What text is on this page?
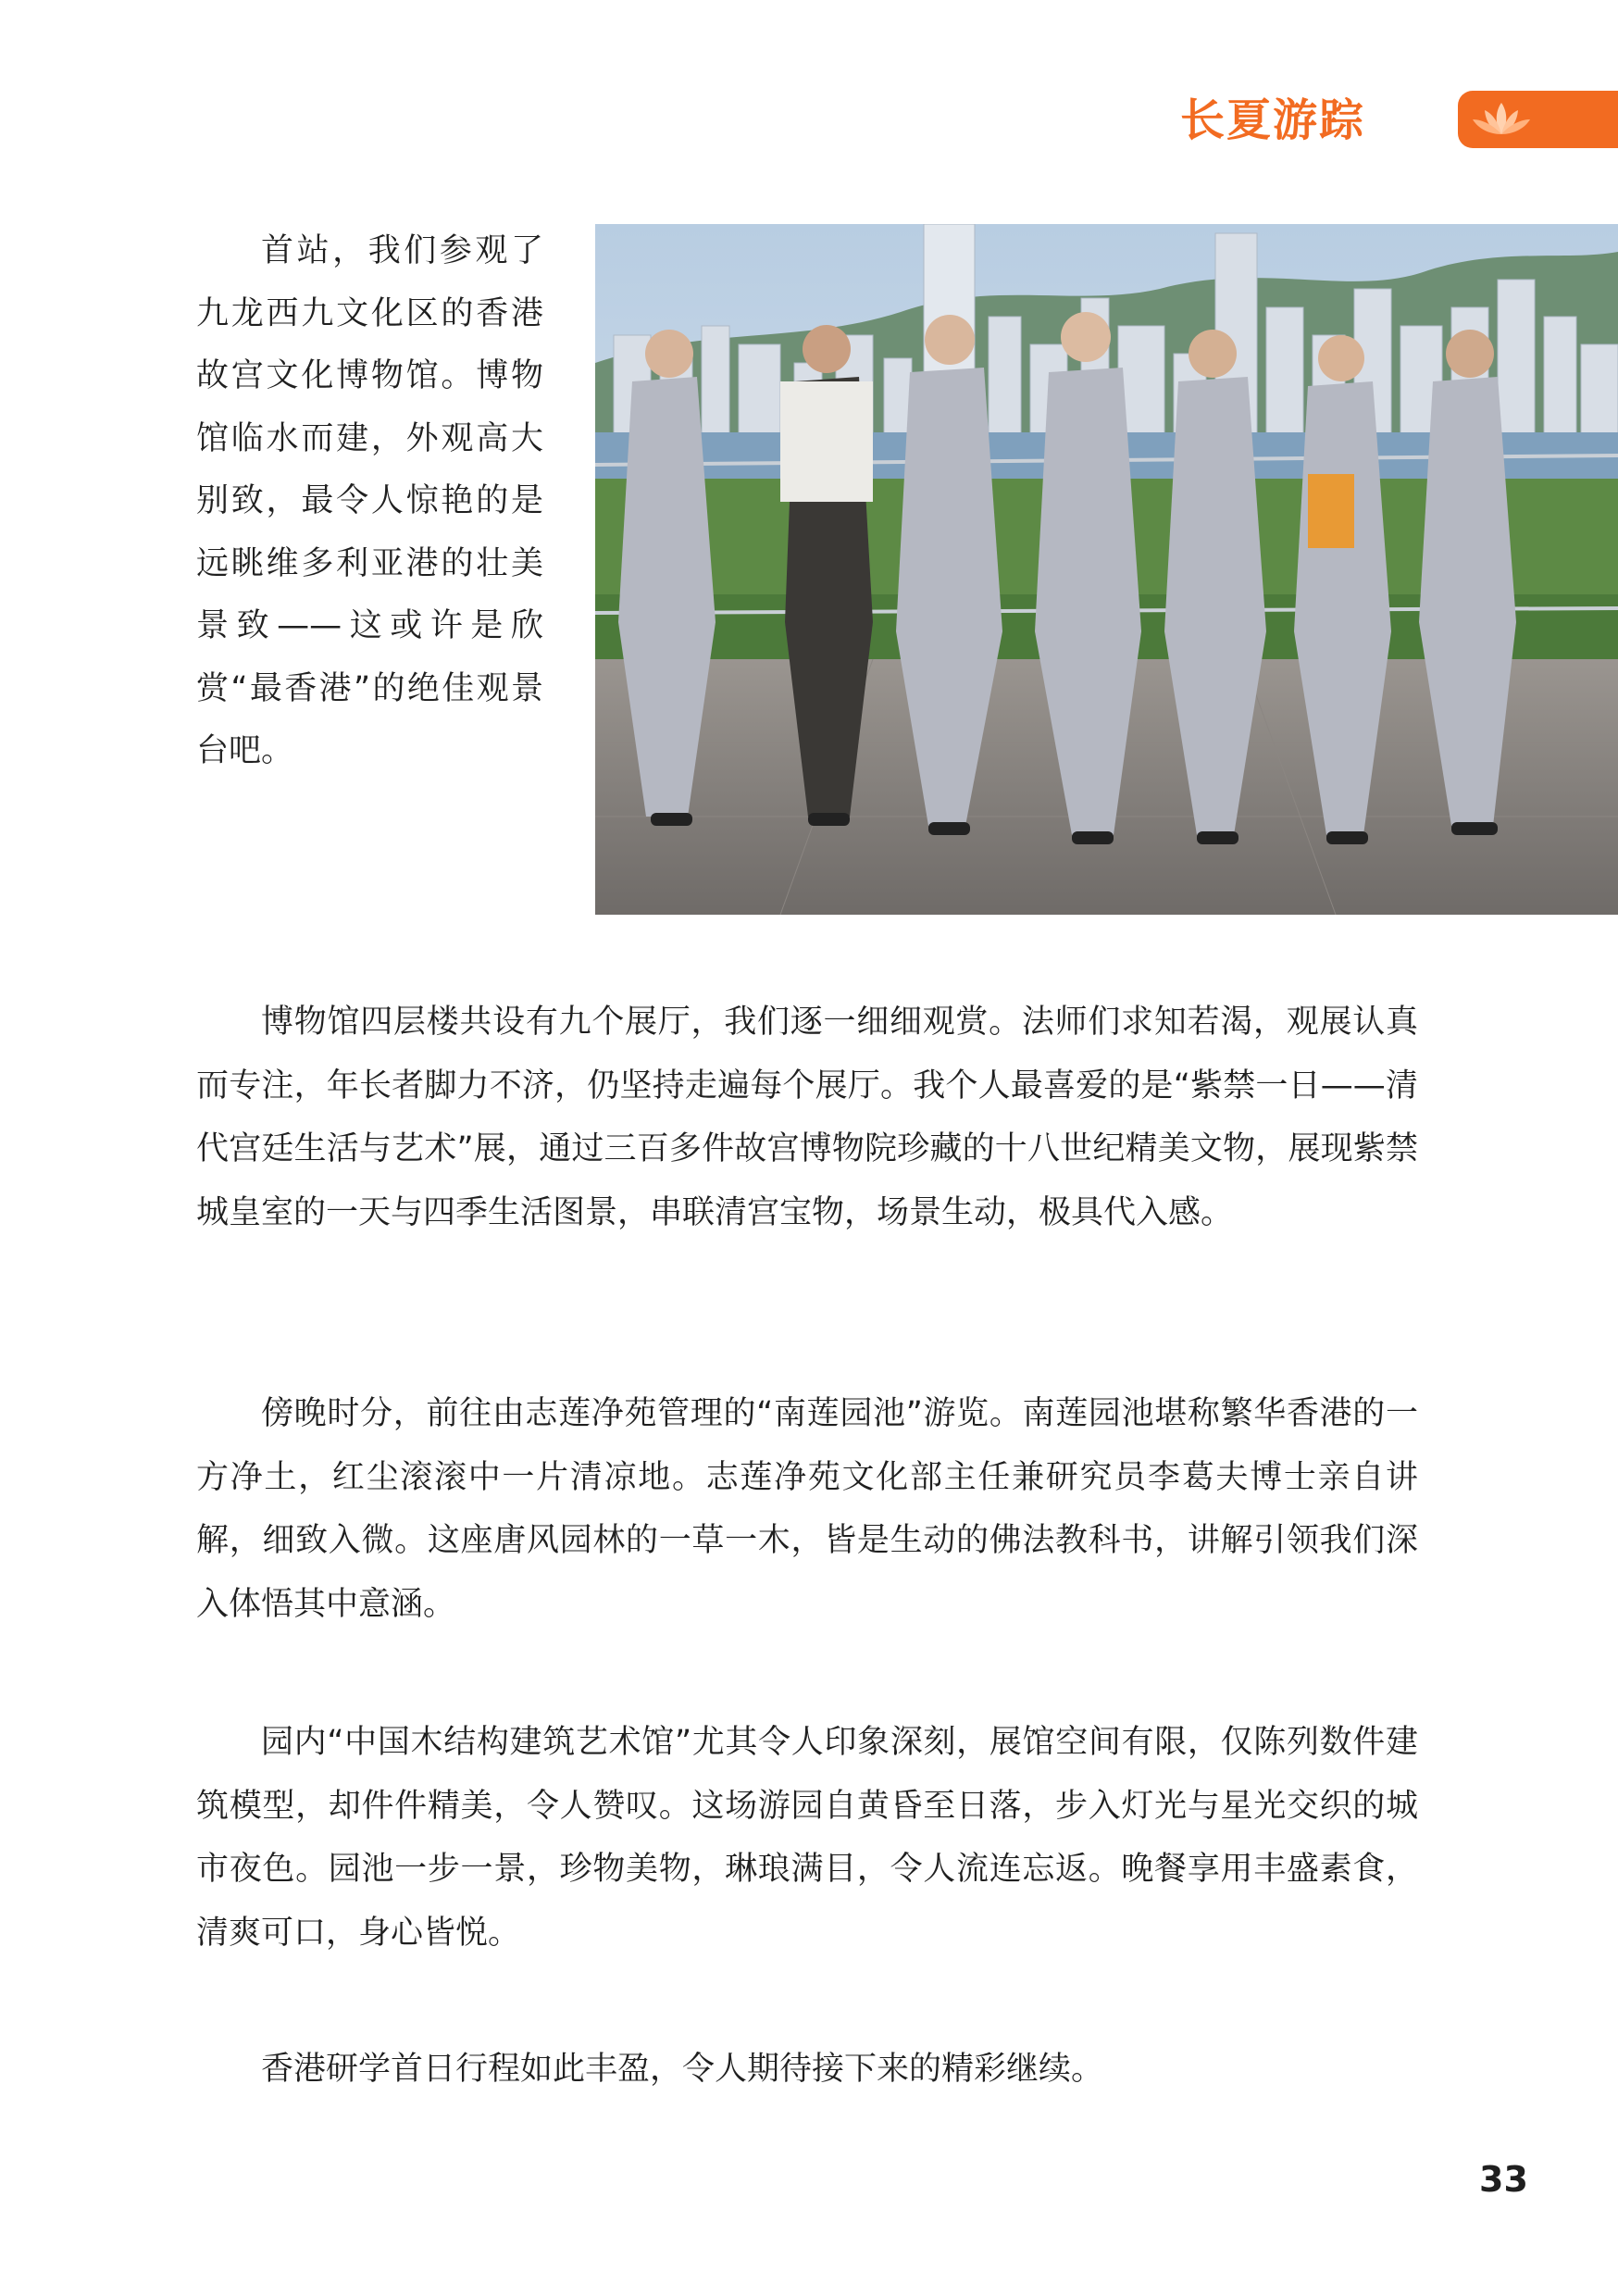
长夏游踪

首站，我们参观了九龙西九文化区的香港故宫文化博物馆。博物馆临水而建，外观高大别致，最令人惊艳的是远眺维多利亚港的壮美景致——这或许是欣赏“最香港”的绝佳观景台吧。

博物馆四层楼共设有九个展厅，我们逐一细细观赏。法师们求知若渴，观展认真而专注，年长者脚力不济，仍坚持走遍每个展厅。我个人最喜爱的是“紫禁一日——清代宫廷生活与艺术”展，通过三百多件故宫博物院珍藏的十八世纪精美文物，展现紫禁城皇室的一天与四季生活图景，串联清宫宝物，场景生动，极具代入感。

傍晚时分，前往由志莲净苑管理的“南莲园池”游览。南莲园池堪称繁华香港的一方净土，红尘滚滚中一片清凉地。志莲净苑文化部主任兼研究员李葛夫博士亲自讲解，细致入微。这座唐风园林的一草一木，皆是生动的佛法教科书，讲解引领我们深入体悟其中意涵。

园内“中国木结构建筑艺术馆”尤其令人印象深刻，展馆空间有限，仅陈列数件建筑模型，却件件精美，令人赞叹。这场游园自黄昏至日落，步入灯光与星光交织的城市夜色。园池一步一景，珍物美物，琳琅满目，令人流连忘返。晚餐享用丰盛素食，清爽可口，身心皆悦。

香港研学首日行程如此丰盈，令人期待接下来的精彩继续。

33
